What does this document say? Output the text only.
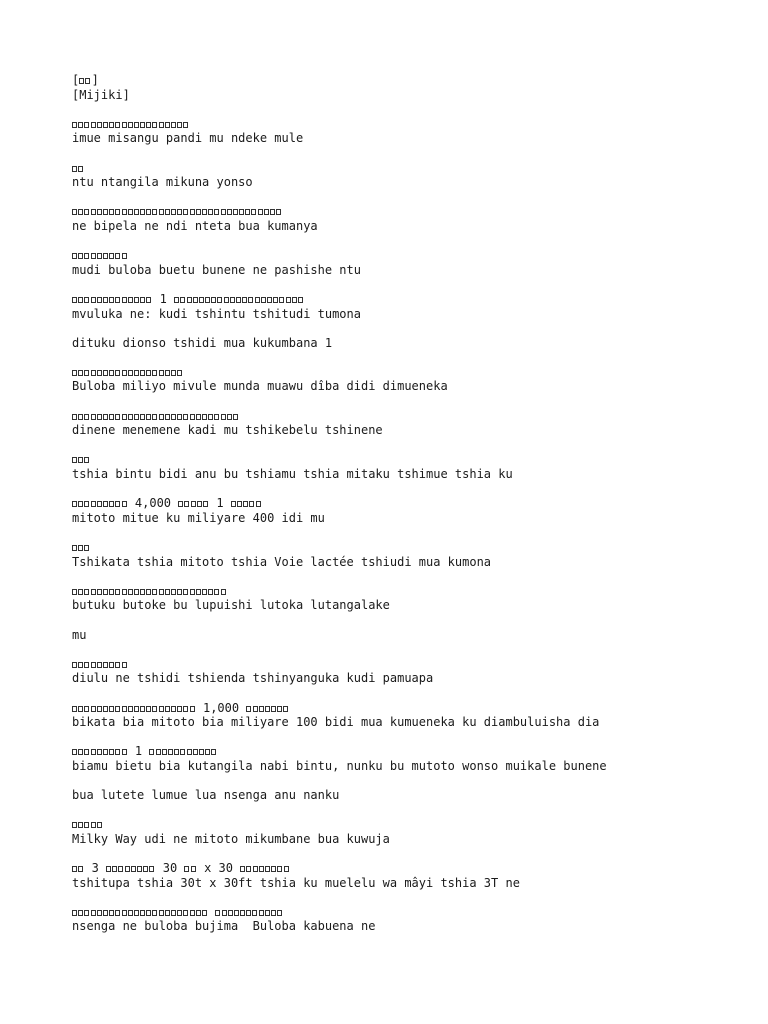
[ ]
[Mijiki]
imue misangu pandi mu ndeke mule
ntu ntangila mikuna yonso
ne bipela ne ndi nteta bua kumanya
mudi buloba buetu bunene ne pashishe ntu
1
mvuluka ne: kudi tshintu tshitudi tumona
dituku dionso tshidi mua kukumbana 1
Buloba miliyo mivule munda muawu dîba didi dimueneka
dinene menemene kadi mu tshikebelu tshinene
tshia bintu bidi anu bu tshiamu tshia mitaku tshimue tshia ku
4,000	1
mitoto mitue ku miliyare 400 idi mu
Tshikata tshia mitoto tshia Voie lactée tshiudi mua kumona
butuku butoke bu lupuishi lutoka lutangalake
mu
diulu ne tshidi tshienda tshinyanguka kudi pamuapa
1,000
bikata bia mitoto bia miliyare 100 bidi mua kumueneka ku diambuluisha dia
1
biamu bietu bia kutangila nabi bintu, nunku bu mutoto wonso muikale bunene
bua lutete lumue lua nsenga anu nanku
Milky Way udi ne mitoto mikumbane bua kuwuja
3	30  x 30
tshitupa tshia 30t x 30ft tshia ku muelelu wa mâyi tshia 3T ne

nsenga ne buloba bujima  Buloba kabuena ne
